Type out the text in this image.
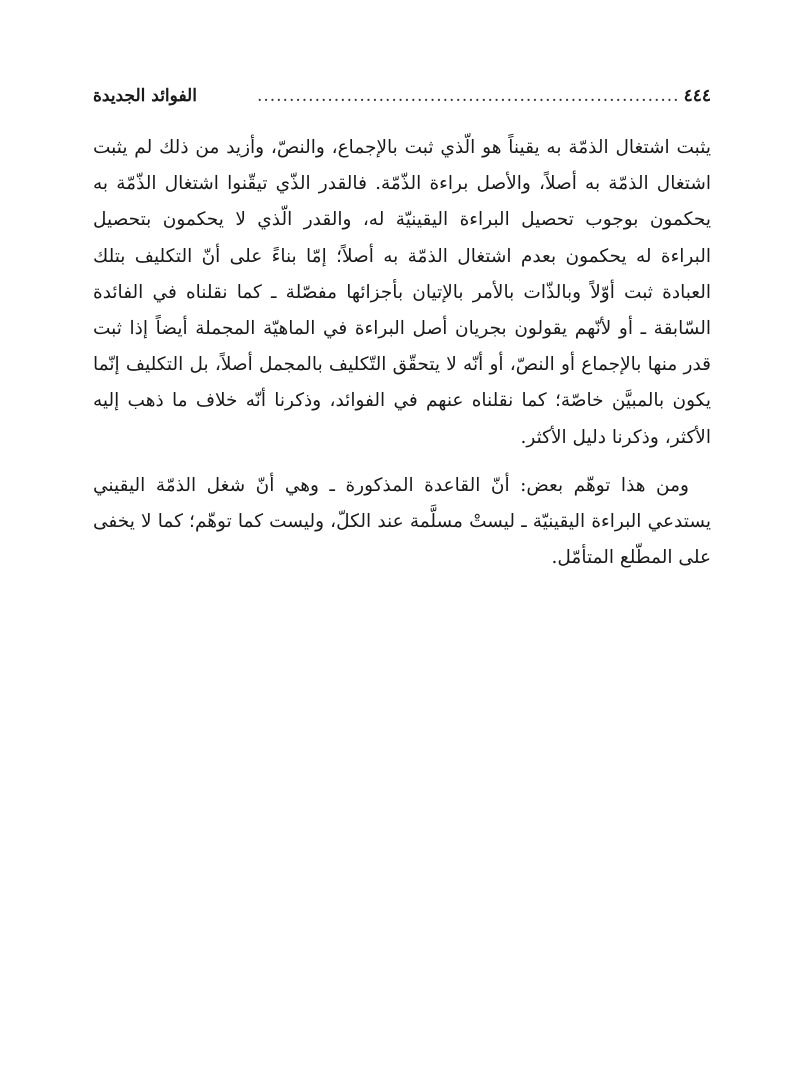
٤٤٤
..................................................................
الفوائد الجديدة

يثبت اشتغال الذمّة به يقيناً هو الّذي ثبت بالإجماع، والنصّ، وأزيد من ذلك لم يثبت اشتغال الذمّة به أصلاً، والأصل براءة الذّمّة. فالقدر الذّي تيقّنوا اشتغال الذّمّة به يحكمون بوجوب تحصيل البراءة اليقينيّة له، والقدر الّذي لا يحكمون بتحصيل البراءة له يحكمون بعدم اشتغال الذمّة به أصلاً؛ إمّا بناءً على أنّ التكليف بتلك العبادة ثبت أوّلاً وبالذّات بالأمر بالإتيان بأجزائها مفصّلة ـ كما نقلناه في الفائدة السّابقة ـ أو لأنّهم يقولون بجريان أصل البراءة في الماهيّة المجملة أيضاً إذا ثبت قدر منها بالإجماع أو النصّ، أو أنّه لا يتحقّق التّكليف بالمجمل أصلاً، بل التكليف إنّما يكون بالمبيَّن خاصّة؛ كما نقلناه عنهم في الفوائد، وذكرنا أنّه خلاف ما ذهب إليه الأكثر، وذكرنا دليل الأكثر.

ومن هذا توهّم بعض: أنّ القاعدة المذكورة ـ وهي أنّ شغل الذمّة اليقيني يستدعي البراءة اليقينيّة ـ ليستْ مسلَّمة عند الكلّ، وليست كما توهّم؛ كما لا يخفى على المطّلع المتأمّل.
